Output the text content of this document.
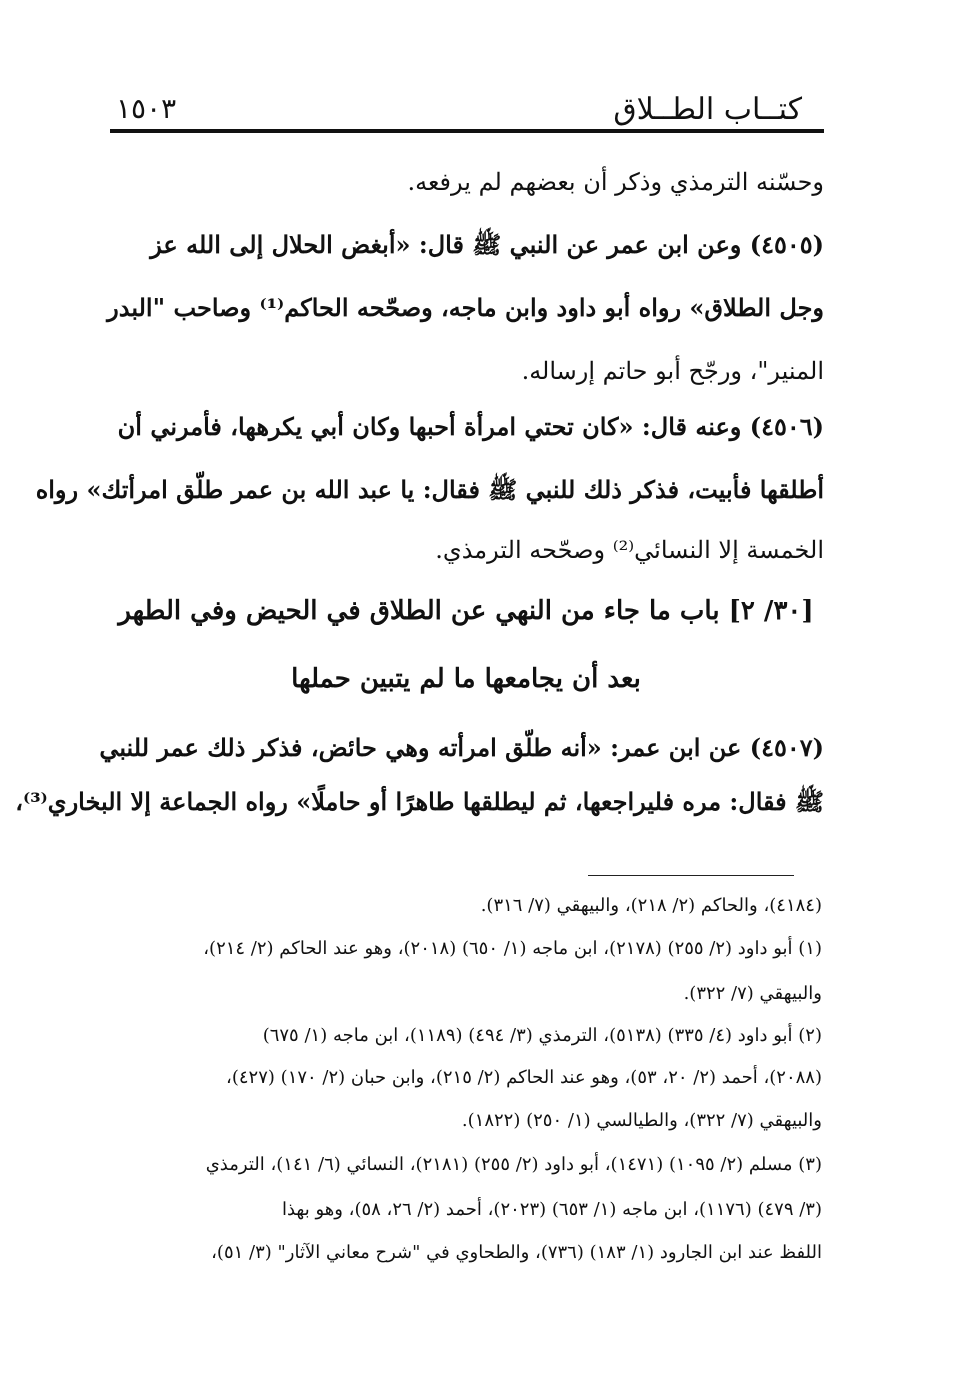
كتــاب الطــلاق
١٥٠٣
وحسّنه الترمذي وذكر أن بعضهم لم يرفعه.
(٤٥٠٥) وعن ابن عمر عن النبي ﷺ قال: «أبغض الحلال إلى الله عز
وجل الطلاق» رواه أبو داود وابن ماجه، وصحّحه الحاكم⁽¹⁾ وصاحب "البدر
المنير"، ورجّح أبو حاتم إرساله.
(٤٥٠٦) وعنه قال: «كان تحتي امرأة أحبها وكان أبي يكرهها، فأمرني أن
أطلقها فأبيت، فذكر ذلك للنبي ﷺ فقال: يا عبد الله بن عمر طلّق امرأتك» رواه
الخمسة إلا النسائي⁽²⁾ وصحّحه الترمذي.
[٣٠/ ٢] باب ما جاء من النهي عن الطلاق في الحيض وفي الطهر
بعد أن يجامعها ما لم يتبين حملها
(٤٥٠٧) عن ابن عمر: «أنه طلّق امرأته وهي حائض، فذكر ذلك عمر للنبي
ﷺ فقال: مره فليراجعها، ثم ليطلقها طاهرًا أو حاملًا» رواه الجماعة إلا البخاري⁽³⁾،
(٤١٨٤)، والحاكم (٢/ ٢١٨)، والبيهقي (٧/ ٣١٦).
(١) أبو داود (٢/ ٢٥٥) (٢١٧٨)، ابن ماجه (١/ ٦٥٠) (٢٠١٨)، وهو عند الحاكم (٢/ ٢١٤)،
والبيهقي (٧/ ٣٢٢).
(٢) أبو داود (٤/ ٣٣٥) (٥١٣٨)، الترمذي (٣/ ٤٩٤) (١١٨٩)، ابن ماجه (١/ ٦٧٥)
(٢٠٨٨)، أحمد (٢/ ٢٠، ٥٣)، وهو عند الحاكم (٢/ ٢١٥)، وابن حبان (٢/ ١٧٠) (٤٢٧)،
والبيهقي (٧/ ٣٢٢)، والطيالسي (١/ ٢٥٠) (١٨٢٢).
(٣) مسلم (٢/ ١٠٩٥) (١٤٧١)، أبو داود (٢/ ٢٥٥) (٢١٨١)، النسائي (٦/ ١٤١)، الترمذي
(٣/ ٤٧٩) (١١٧٦)، ابن ماجه (١/ ٦٥٣) (٢٠٢٣)، أحمد (٢/ ٢٦، ٥٨)، وهو بهذا
اللفظ عند ابن الجارود (١/ ١٨٣) (٧٣٦)، والطحاوي في "شرح معاني الآثار" (٣/ ٥١)،
